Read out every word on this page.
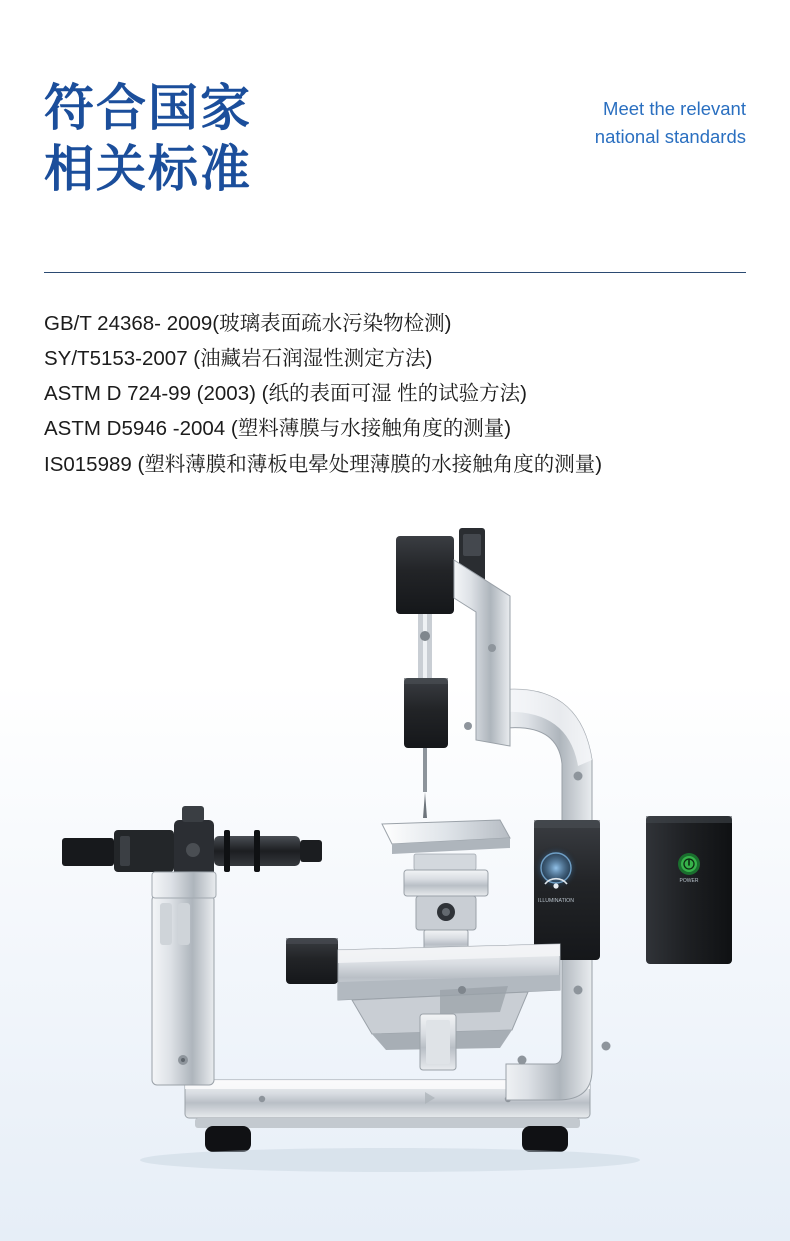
符合国家
相关标准
Meet the relevant
national standards
GB/T 24368- 2009(玻璃表面疏水污染物检测)
SY/T5153-2007 (油藏岩石润湿性测定方法)
ASTM D 724-99 (2003) (纸的表面可湿 性的试验方法)
ASTM D5946 -2004 (塑料薄膜与水接触角度的测量)
IS015989 (塑料薄膜和薄板电晕处理薄膜的水接触角度的测量)
ILLUMINATION
POWER
